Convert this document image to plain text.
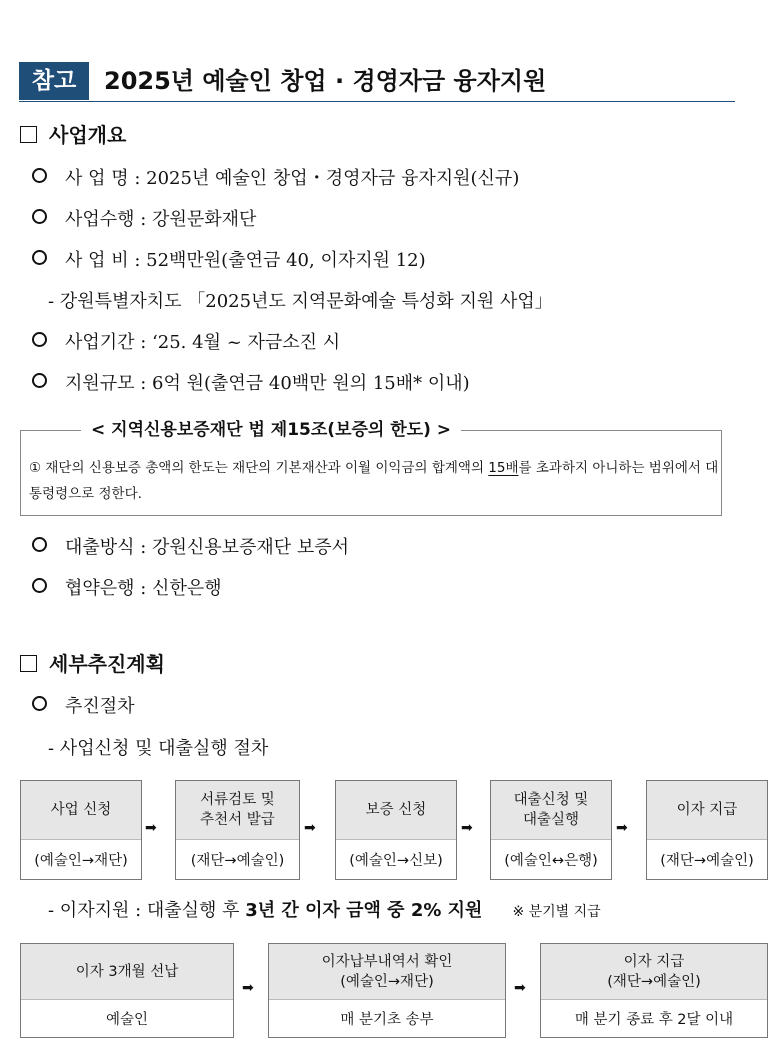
참고	2025년 예술인 창업 · 경영자금 융자지원
사업개요
사 업 명 : 2025년 예술인 창업・경영자금 융자지원(신규)
사업수행 : 강원문화재단
사 업 비 : 52백만원(출연금 40, 이자지원 12)
- 강원특별자치도 「2025년도 지역문화예술 특성화 지원 사업」
사업기간 : ‘25. 4월 ~ 자금소진 시
지원규모 : 6억 원(출연금 40백만 원의 15배* 이내)
< 지역신용보증재단 법 제15조(보증의 한도) >
① 재단의 신용보증 총액의 한도는 재단의 기본재산과 이월 이익금의 합계액의 15배를 초과하지 아니하는 범위에서 대통령령으로 정한다.
대출방식 : 강원신용보증재단 보증서
협약은행 : 신한은행
세부추진계획
추진절차
- 사업신청 및 대출실행 절차
사업 신청
(예술인→재단)
➡
서류검토 및
추천서 발급
(재단→예술인)
➡
보증 신청
(예술인→신보)
➡
대출신청 및
대출실행
(예술인↔은행)
➡
이자 지급
(재단→예술인)
- 이자지원 : 대출실행 후 3년 간 이자 금액 중 2% 지원 ※ 분기별 지급
이자 3개월 선납
예술인
➡
이자납부내역서 확인
(예술인→재단)
매 분기초 송부
➡
이자 지급
(재단→예술인)
매 분기 종료 후 2달 이내
